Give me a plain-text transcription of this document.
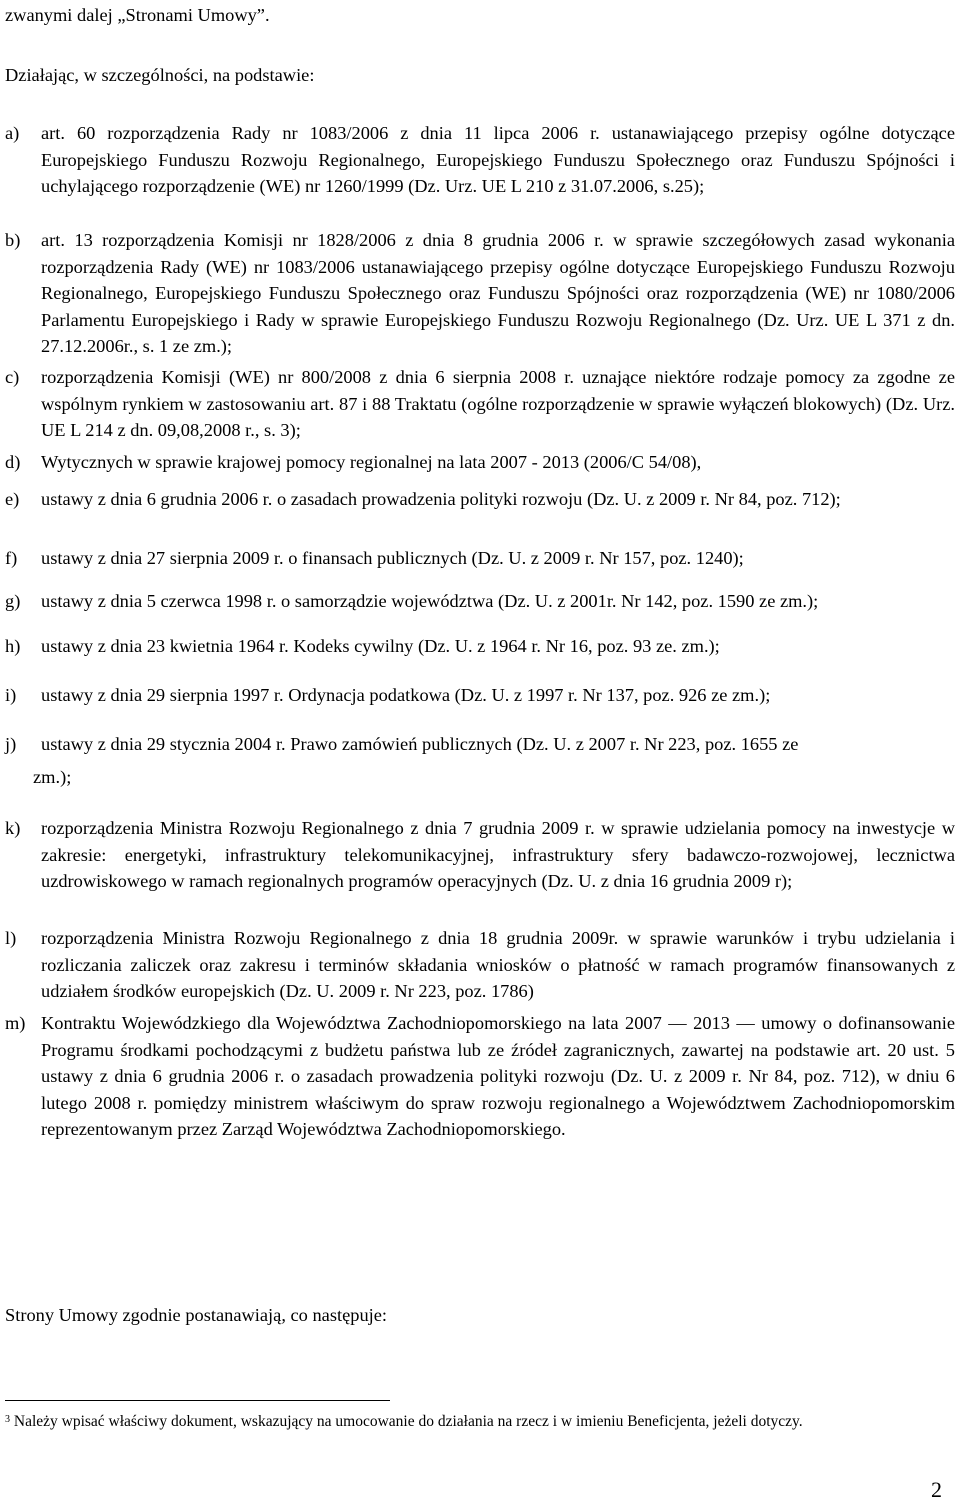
zwanymi dalej „Stronami Umowy”.

Działając, w szczególności, na podstawie:

a) art. 60 rozporządzenia Rady nr 1083/2006 z dnia 11 lipca 2006 r. ustanawiającego przepisy ogólne dotyczące Europejskiego Funduszu Rozwoju Regionalnego, Europejskiego Funduszu Społecznego oraz Funduszu Spójności i uchylającego rozporządzenie (WE) nr 1260/1999 (Dz. Urz. UE L 210 z 31.07.2006, s.25);
b) art. 13 rozporządzenia Komisji nr 1828/2006 z dnia 8 grudnia 2006 r. w sprawie szczegółowych zasad wykonania rozporządzenia Rady (WE) nr 1083/2006 ustanawiającego przepisy ogólne dotyczące Europejskiego Funduszu Rozwoju Regionalnego, Europejskiego Funduszu Społecznego oraz Funduszu Spójności oraz rozporządzenia (WE) nr 1080/2006 Parlamentu Europejskiego i Rady w sprawie Europejskiego Funduszu Rozwoju Regionalnego (Dz. Urz. UE L 371 z dn. 27.12.2006r., s. 1 ze zm.);
c) rozporządzenia Komisji (WE) nr 800/2008 z dnia 6 sierpnia 2008 r. uznające niektóre rodzaje pomocy za zgodne ze wspólnym rynkiem w zastosowaniu art. 87 i 88 Traktatu (ogólne rozporządzenie w sprawie wyłączeń blokowych) (Dz. Urz. UE L 214 z dn. 09,08,2008 r., s. 3);
d) Wytycznych w sprawie krajowej pomocy regionalnej na lata 2007 - 2013 (2006/C 54/08),
e) ustawy z dnia 6 grudnia 2006 r. o zasadach prowadzenia polityki rozwoju (Dz. U. z 2009 r. Nr 84, poz. 712);
f) ustawy z dnia 27 sierpnia 2009 r. o finansach publicznych (Dz. U. z 2009 r. Nr 157, poz. 1240);
g) ustawy z dnia 5 czerwca 1998 r. o samorządzie województwa (Dz. U. z 2001r. Nr 142, poz. 1590 ze zm.);
h) ustawy z dnia 23 kwietnia 1964 r. Kodeks cywilny (Dz. U. z 1964 r. Nr 16, poz. 93 ze. zm.);
i) ustawy z dnia 29 sierpnia 1997 r. Ordynacja podatkowa (Dz. U. z 1997 r. Nr 137, poz. 926 ze zm.);
j) ustawy z dnia 29 stycznia 2004 r. Prawo zamówień publicznych (Dz. U. z 2007 r. Nr 223, poz. 1655 ze
zm.);
k) rozporządzenia Ministra Rozwoju Regionalnego z dnia 7 grudnia 2009 r. w sprawie udzielania pomocy na inwestycje w zakresie: energetyki, infrastruktury telekomunikacyjnej, infrastruktury sfery badawczo-rozwojowej, lecznictwa uzdrowiskowego w ramach regionalnych programów operacyjnych (Dz. U. z dnia 16 grudnia 2009 r);
l) rozporządzenia Ministra Rozwoju Regionalnego z dnia 18 grudnia 2009r. w sprawie warunków i trybu udzielania i rozliczania zaliczek oraz zakresu i terminów składania wniosków o płatność w ramach programów finansowanych z udziałem środków europejskich (Dz. U. 2009 r. Nr 223, poz. 1786)
m) Kontraktu Wojewódzkiego dla Województwa Zachodniopomorskiego na lata 2007 — 2013 — umowy o dofinansowanie Programu środkami pochodzącymi z budżetu państwa lub ze źródeł zagranicznych, zawartej na podstawie art. 20 ust. 5 ustawy z dnia 6 grudnia 2006 r. o zasadach prowadzenia polityki rozwoju (Dz. U. z 2009 r. Nr 84, poz. 712), w dniu 6 lutego 2008 r. pomiędzy ministrem właściwym do spraw rozwoju regionalnego a Województwem Zachodniopomorskim reprezentowanym przez Zarząd Województwa Zachodniopomorskiego.

Strony Umowy zgodnie postanawiają, co następuje:

$^3$ Należy wpisać właściwy dokument, wskazujący na umocowanie do działania na rzecz i w imieniu Beneficjenta, jeżeli dotyczy.
2
